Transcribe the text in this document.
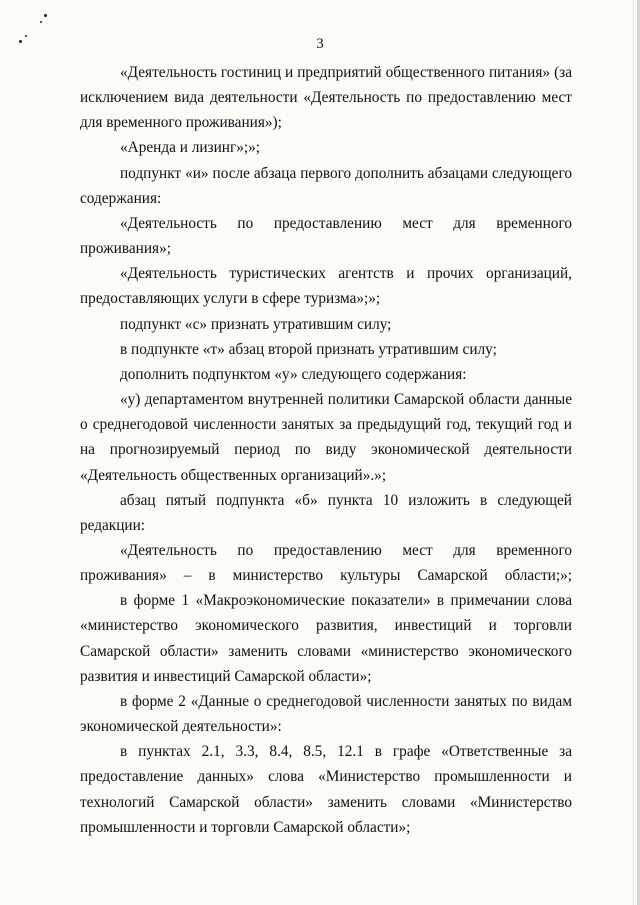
3

«Деятельность гостиниц и предприятий общественного питания» (за исключением вида деятельности «Деятельность по предоставлению мест для временного проживания»);

«Аренда и лизинг»;»;

подпункт «и» после абзаца первого дополнить абзацами следующего содержания:

«Деятельность по предоставлению мест для временного проживания»;

«Деятельность туристических агентств и прочих организаций, предоставляющих услуги в сфере туризма»;»;

подпункт «с» признать утратившим силу;

в подпункте «т» абзац второй признать утратившим силу;

дополнить подпунктом «у» следующего содержания:

«у) департаментом внутренней политики Самарской области данные о среднегодовой численности занятых за предыдущий год, текущий год и на прогнозируемый период по виду экономической деятельности «Деятельность общественных организаций».»;

абзац пятый подпункта «б» пункта 10 изложить в следующей редакции:

«Деятельность по предоставлению мест для временного проживания» – в министерство культуры Самарской области;»;

в форме 1 «Макроэкономические показатели» в примечании слова «министерство экономического развития, инвестиций и торговли Самарской области» заменить словами «министерство экономического развития и инвестиций Самарской области»;

в форме 2 «Данные о среднегодовой численности занятых по видам экономической деятельности»:

в пунктах 2.1, 3.3, 8.4, 8.5, 12.1 в графе «Ответственные за предоставление данных» слова «Министерство промышленности и технологий Самарской области» заменить словами «Министерство промышленности и торговли Самарской области»;
